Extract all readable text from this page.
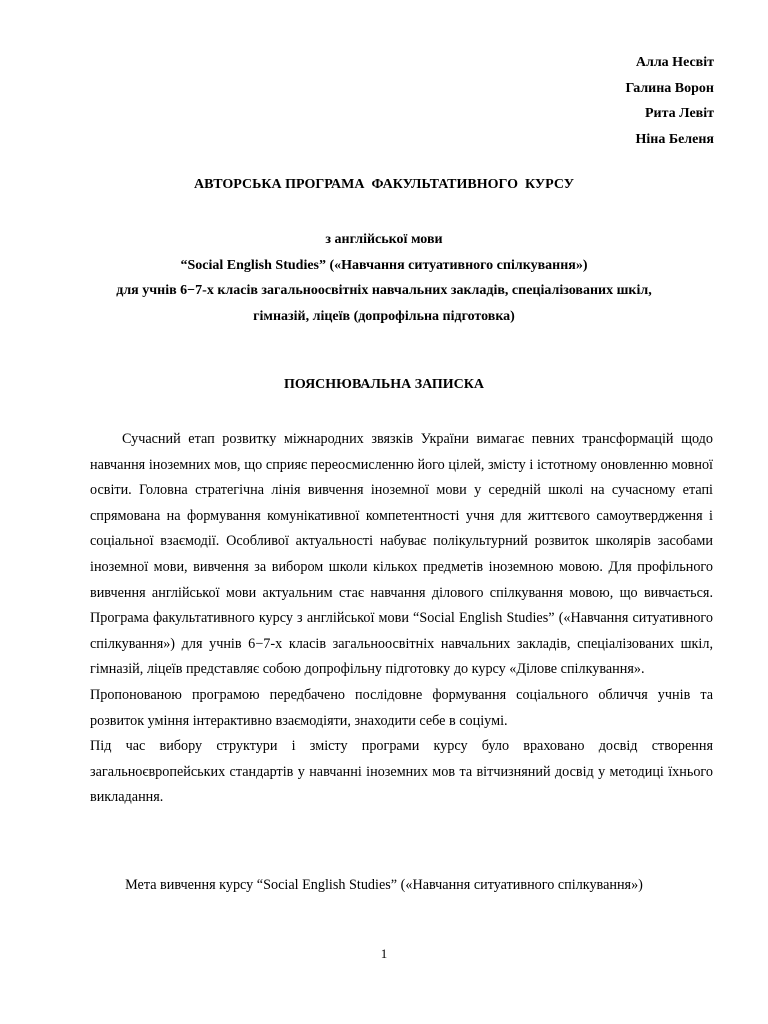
Алла Несвіт
Галина Ворон
Рита Левіт
Ніна Беленя
АВТОРСЬКА ПРОГРАМА  ФАКУЛЬТАТИВНОГО  КУРСУ
з англійської мови
“Social English Studies” («Навчання ситуативного спілкування»)
для учнів 6−7-х класів загальноосвітніх навчальних закладів, спеціалізованих шкіл,
гімназій, ліцеїв (допрофільна підготовка)
ПОЯСНЮВАЛЬНА ЗАПИСКА

Сучасний етап розвитку міжнародних звязків України вимагає певних трансформацій щодо навчання іноземних мов, що сприяє переосмисленню його цілей, змісту і істотному оновленню мовної освіти. Головна стратегічна лінія вивчення іноземної мови у середній школі на сучасному етапі спрямована на формування комунікативної компетентності учня для життєвого самоутвердження і соціальної взаємодії. Особливої актуальності набуває полікультурний розвиток школярів засобами іноземної мови, вивчення за вибором школи кількох предметів іноземною мовою. Для профільного вивчення англійської мови актуальним стає навчання ділового спілкування мовою, що вивчається. Програма факультативного курсу з англійської мови “Social English Studies” («Навчання ситуативного спілкування») для учнів 6−7-х класів загальноосвітніх навчальних закладів, спеціалізованих шкіл, гімназій, ліцеїв представляє собою допрофільну підготовку до курсу «Ділове спілкування».

Пропонованою програмою передбачено послідовне формування соціального обличчя учнів та розвиток уміння інтерактивно взаємодіяти, знаходити себе в соціумі.

Під час вибору структури і змісту програми курсу було враховано досвід створення загальноєвропейських стандартів у навчанні іноземних мов та вітчизняний досвід у методиці їхнього викладання.

Мета вивчення курсу “Social English Studies” («Навчання ситуативного спілкування»)
1
